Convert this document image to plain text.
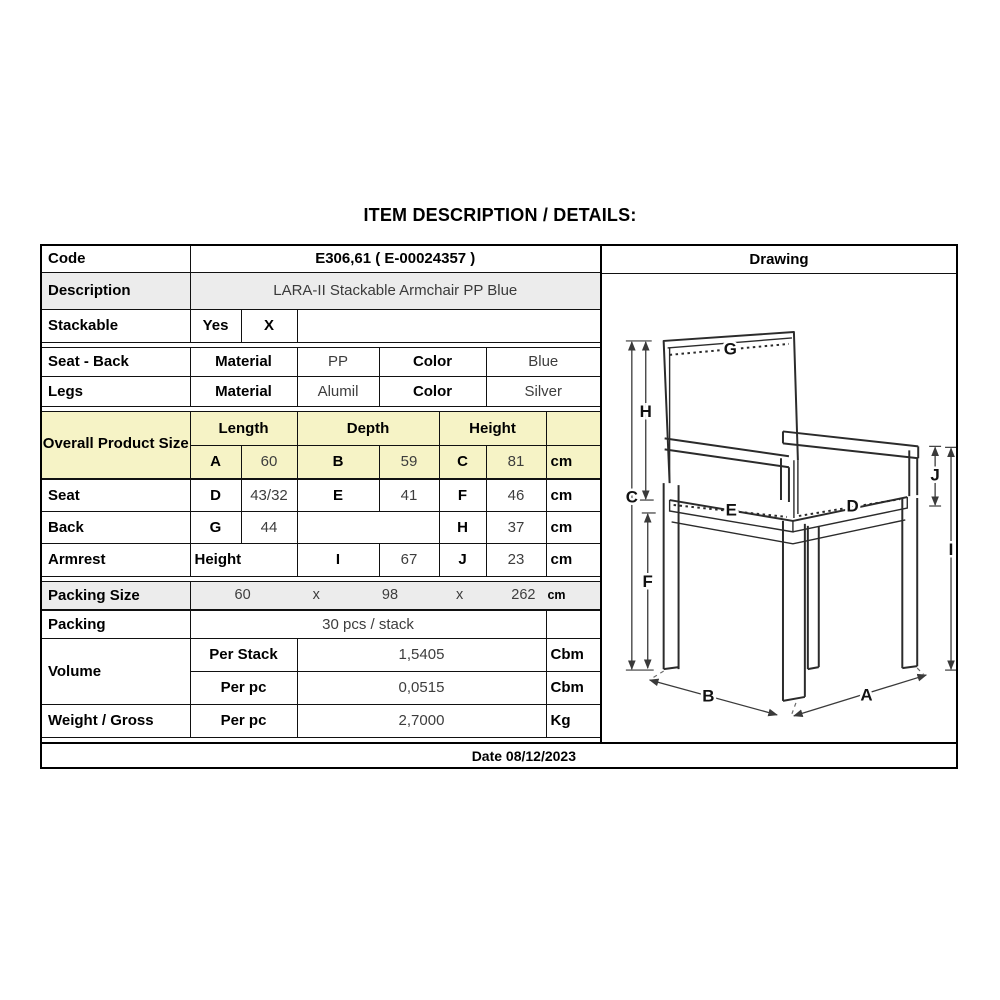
ITEM DESCRIPTION / DETAILS:
Code	E306,61 ( E-00024357 )		
Description	LARA-II Stackable Armchair PP Blue		
Stackable	Yes	X	
Seat - Back	Material	PP	Color	Blue
Legs	Material	Alumil	Color	Silver
Overall Product Size	Length		Depth		Height		
	A	60	B	59	C	81	cm
Seat	D	43/32	E	41	F	46	cm
Back	G	44			H	37	cm
Armrest	Height		I	67	J	23	cm
Packing Size	60	x	98	x	262 cm
Packing	30 pcs / stack		
Volume	Per Stack	1,5405	Cbm
	Per pc	0,0515	Cbm
Weight / Gross	Per pc	2,7000	Kg
Drawing
G
H
C
F
E	D
J
I
B	A
Date 08/12/2023
